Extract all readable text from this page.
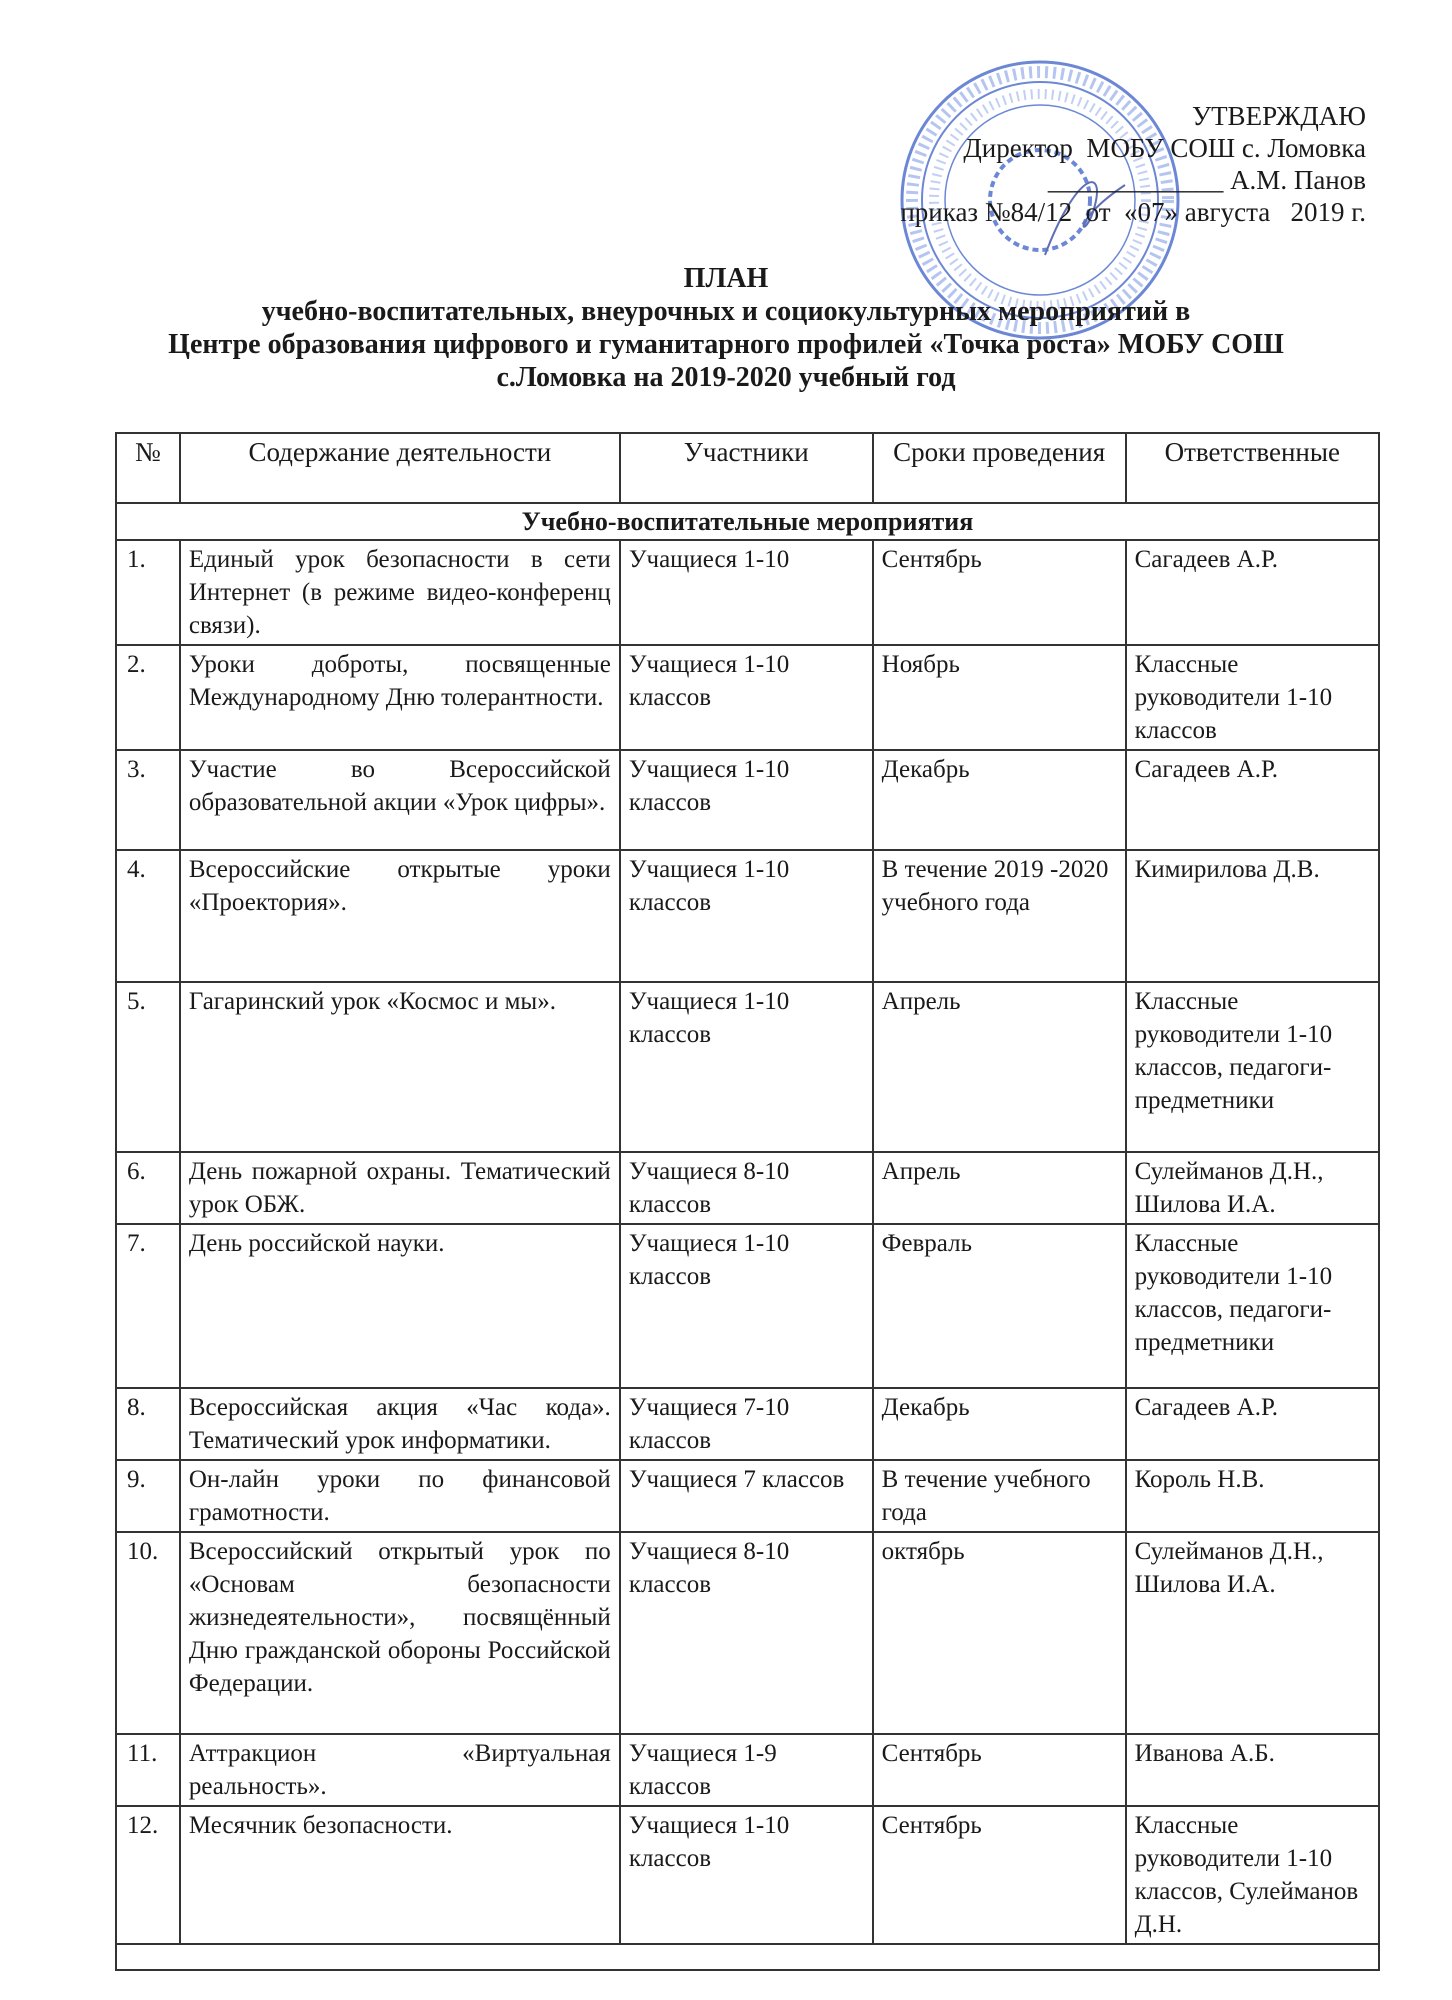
УТВЕРЖДАЮ
Директор  МОБУ СОШ с. Ломовка
_____________ А.М. Панов
приказ №84/12  от  «07» августа   2019 г.
ПЛАН
учебно-воспитательных, внеурочных и социокультурных мероприятий в
Центре образования цифрового и гуманитарного профилей «Точка роста» МОБУ СОШ
с.Ломовка на 2019-2020 учебный год
№	Содержание деятельности	Участники	Сроки проведения	Ответственные
Учебно-воспитательные мероприятия				
1.	Единый урок безопасности в сети Интернет (в режиме видео-конференц связи).	Учащиеся 1-10	Сентябрь	Сагадеев А.Р.
2.	Уроки доброты, посвященные Международному Дню толерантности.	Учащиеся 1-10 классов	Ноябрь	Классные руководители 1-10 классов
3.	Участие во Всероссийской образовательной акции «Урок цифры».	Учащиеся 1-10 классов	Декабрь	Сагадеев А.Р.
4.	Всероссийские открытые уроки «Проектория».	Учащиеся 1-10 классов	В течение 2019 -2020 учебного года	Кимирилова Д.В.
5.	Гагаринский урок «Космос и мы».	Учащиеся 1-10 классов	Апрель	Классные руководители 1-10 классов, педагоги-предметники
6.	День пожарной охраны. Тематический урок ОБЖ.	Учащиеся 8-10 классов	Апрель	Сулейманов Д.Н., Шилова И.А.
7.	День российской науки.	Учащиеся 1-10 классов	Февраль	Классные руководители 1-10 классов, педагоги-предметники
8.	Всероссийская акция «Час кода». Тематический урок информатики.	Учащиеся 7-10 классов	Декабрь	Сагадеев А.Р.
9.	Он-лайн уроки по финансовой грамотности.	Учащиеся 7 классов	В течение учебного года	Король Н.В.
10.	Всероссийский открытый урок по «Основам безопасности жизнедеятельности», посвящённый Дню гражданской обороны Российской Федерации.	Учащиеся 8-10 классов	октябрь	Сулейманов Д.Н., Шилова И.А.
11.	Аттракцион «Виртуальная реальность».	Учащиеся 1-9 классов	Сентябрь	Иванова А.Б.
12.	Месячник безопасности.	Учащиеся 1-10 классов	Сентябрь	Классные руководители 1-10 классов, Сулейманов Д.Н.
